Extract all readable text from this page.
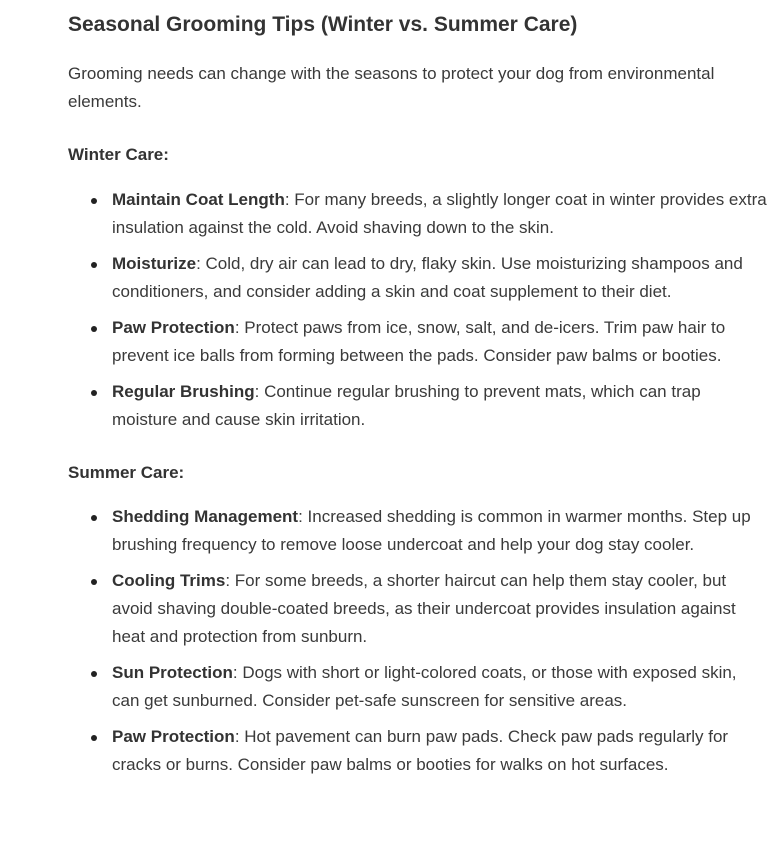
Seasonal Grooming Tips (Winter vs. Summer Care)

Grooming needs can change with the seasons to protect your dog from environmental elements.

Winter Care:

Maintain Coat Length: For many breeds, a slightly longer coat in winter provides extra insulation against the cold. Avoid shaving down to the skin.
Moisturize: Cold, dry air can lead to dry, flaky skin. Use moisturizing shampoos and conditioners, and consider adding a skin and coat supplement to their diet.
Paw Protection: Protect paws from ice, snow, salt, and de-icers. Trim paw hair to prevent ice balls from forming between the pads. Consider paw balms or booties.
Regular Brushing: Continue regular brushing to prevent mats, which can trap moisture and cause skin irritation.

Summer Care:

Shedding Management: Increased shedding is common in warmer months. Step up brushing frequency to remove loose undercoat and help your dog stay cooler.
Cooling Trims: For some breeds, a shorter haircut can help them stay cooler, but avoid shaving double-coated breeds, as their undercoat provides insulation against heat and protection from sunburn.
Sun Protection: Dogs with short or light-colored coats, or those with exposed skin, can get sunburned. Consider pet-safe sunscreen for sensitive areas.
Paw Protection: Hot pavement can burn paw pads. Check paw pads regularly for cracks or burns. Consider paw balms or booties for walks on hot surfaces.
